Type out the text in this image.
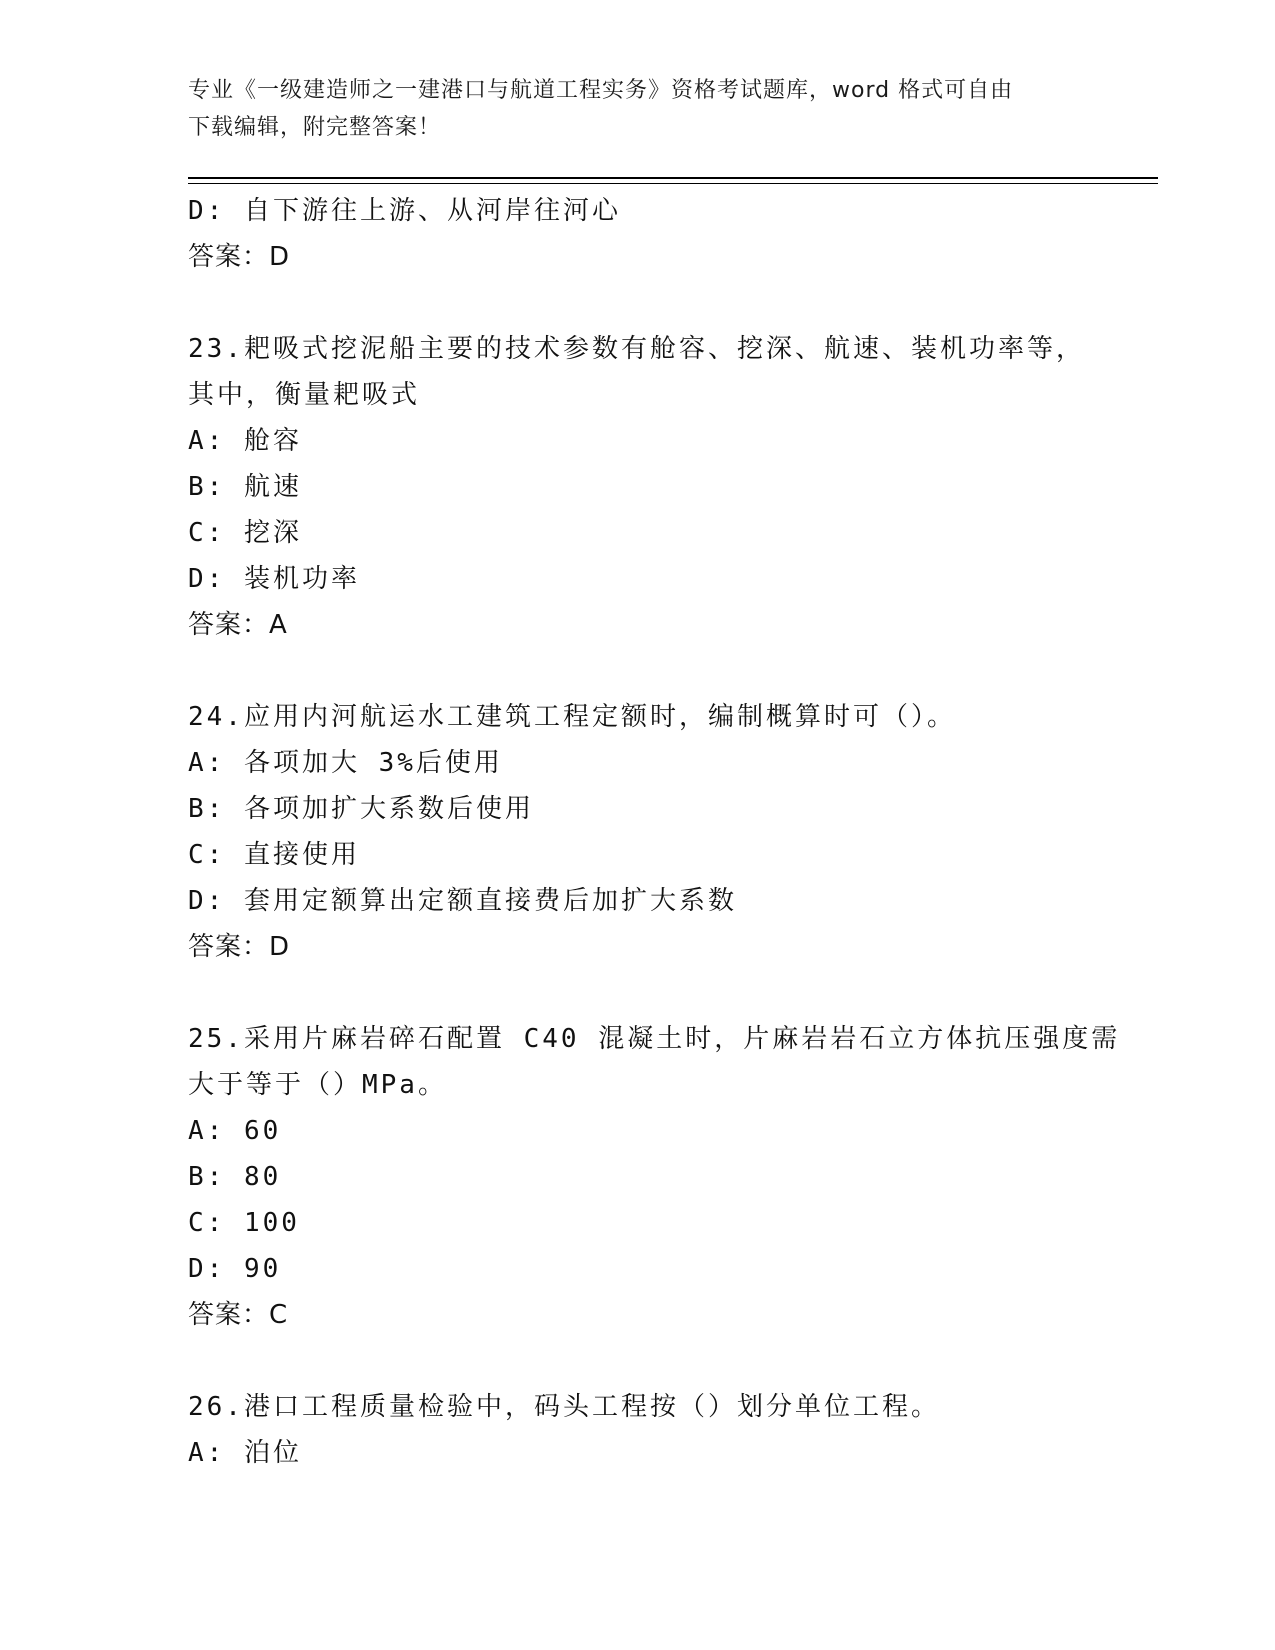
专业《一级建造师之一建港口与航道工程实务》资格考试题库，word 格式可自由
下载编辑，附完整答案！
D: 自下游往上游、从河岸往河心
答案：D
23.耙吸式挖泥船主要的技术参数有舱容、挖深、航速、装机功率等，
其中，衡量耙吸式
A: 舱容
B: 航速
C: 挖深
D: 装机功率
答案：A
24.应用内河航运水工建筑工程定额时，编制概算时可（）。
A: 各项加大 3%后使用
B: 各项加扩大系数后使用
C: 直接使用
D: 套用定额算出定额直接费后加扩大系数
答案：D
25.采用片麻岩碎石配置 C40 混凝土时，片麻岩岩石立方体抗压强度需
大于等于（）MPa。
A: 60
B: 80
C: 100
D: 90
答案：C
26.港口工程质量检验中，码头工程按（）划分单位工程。
A: 泊位
